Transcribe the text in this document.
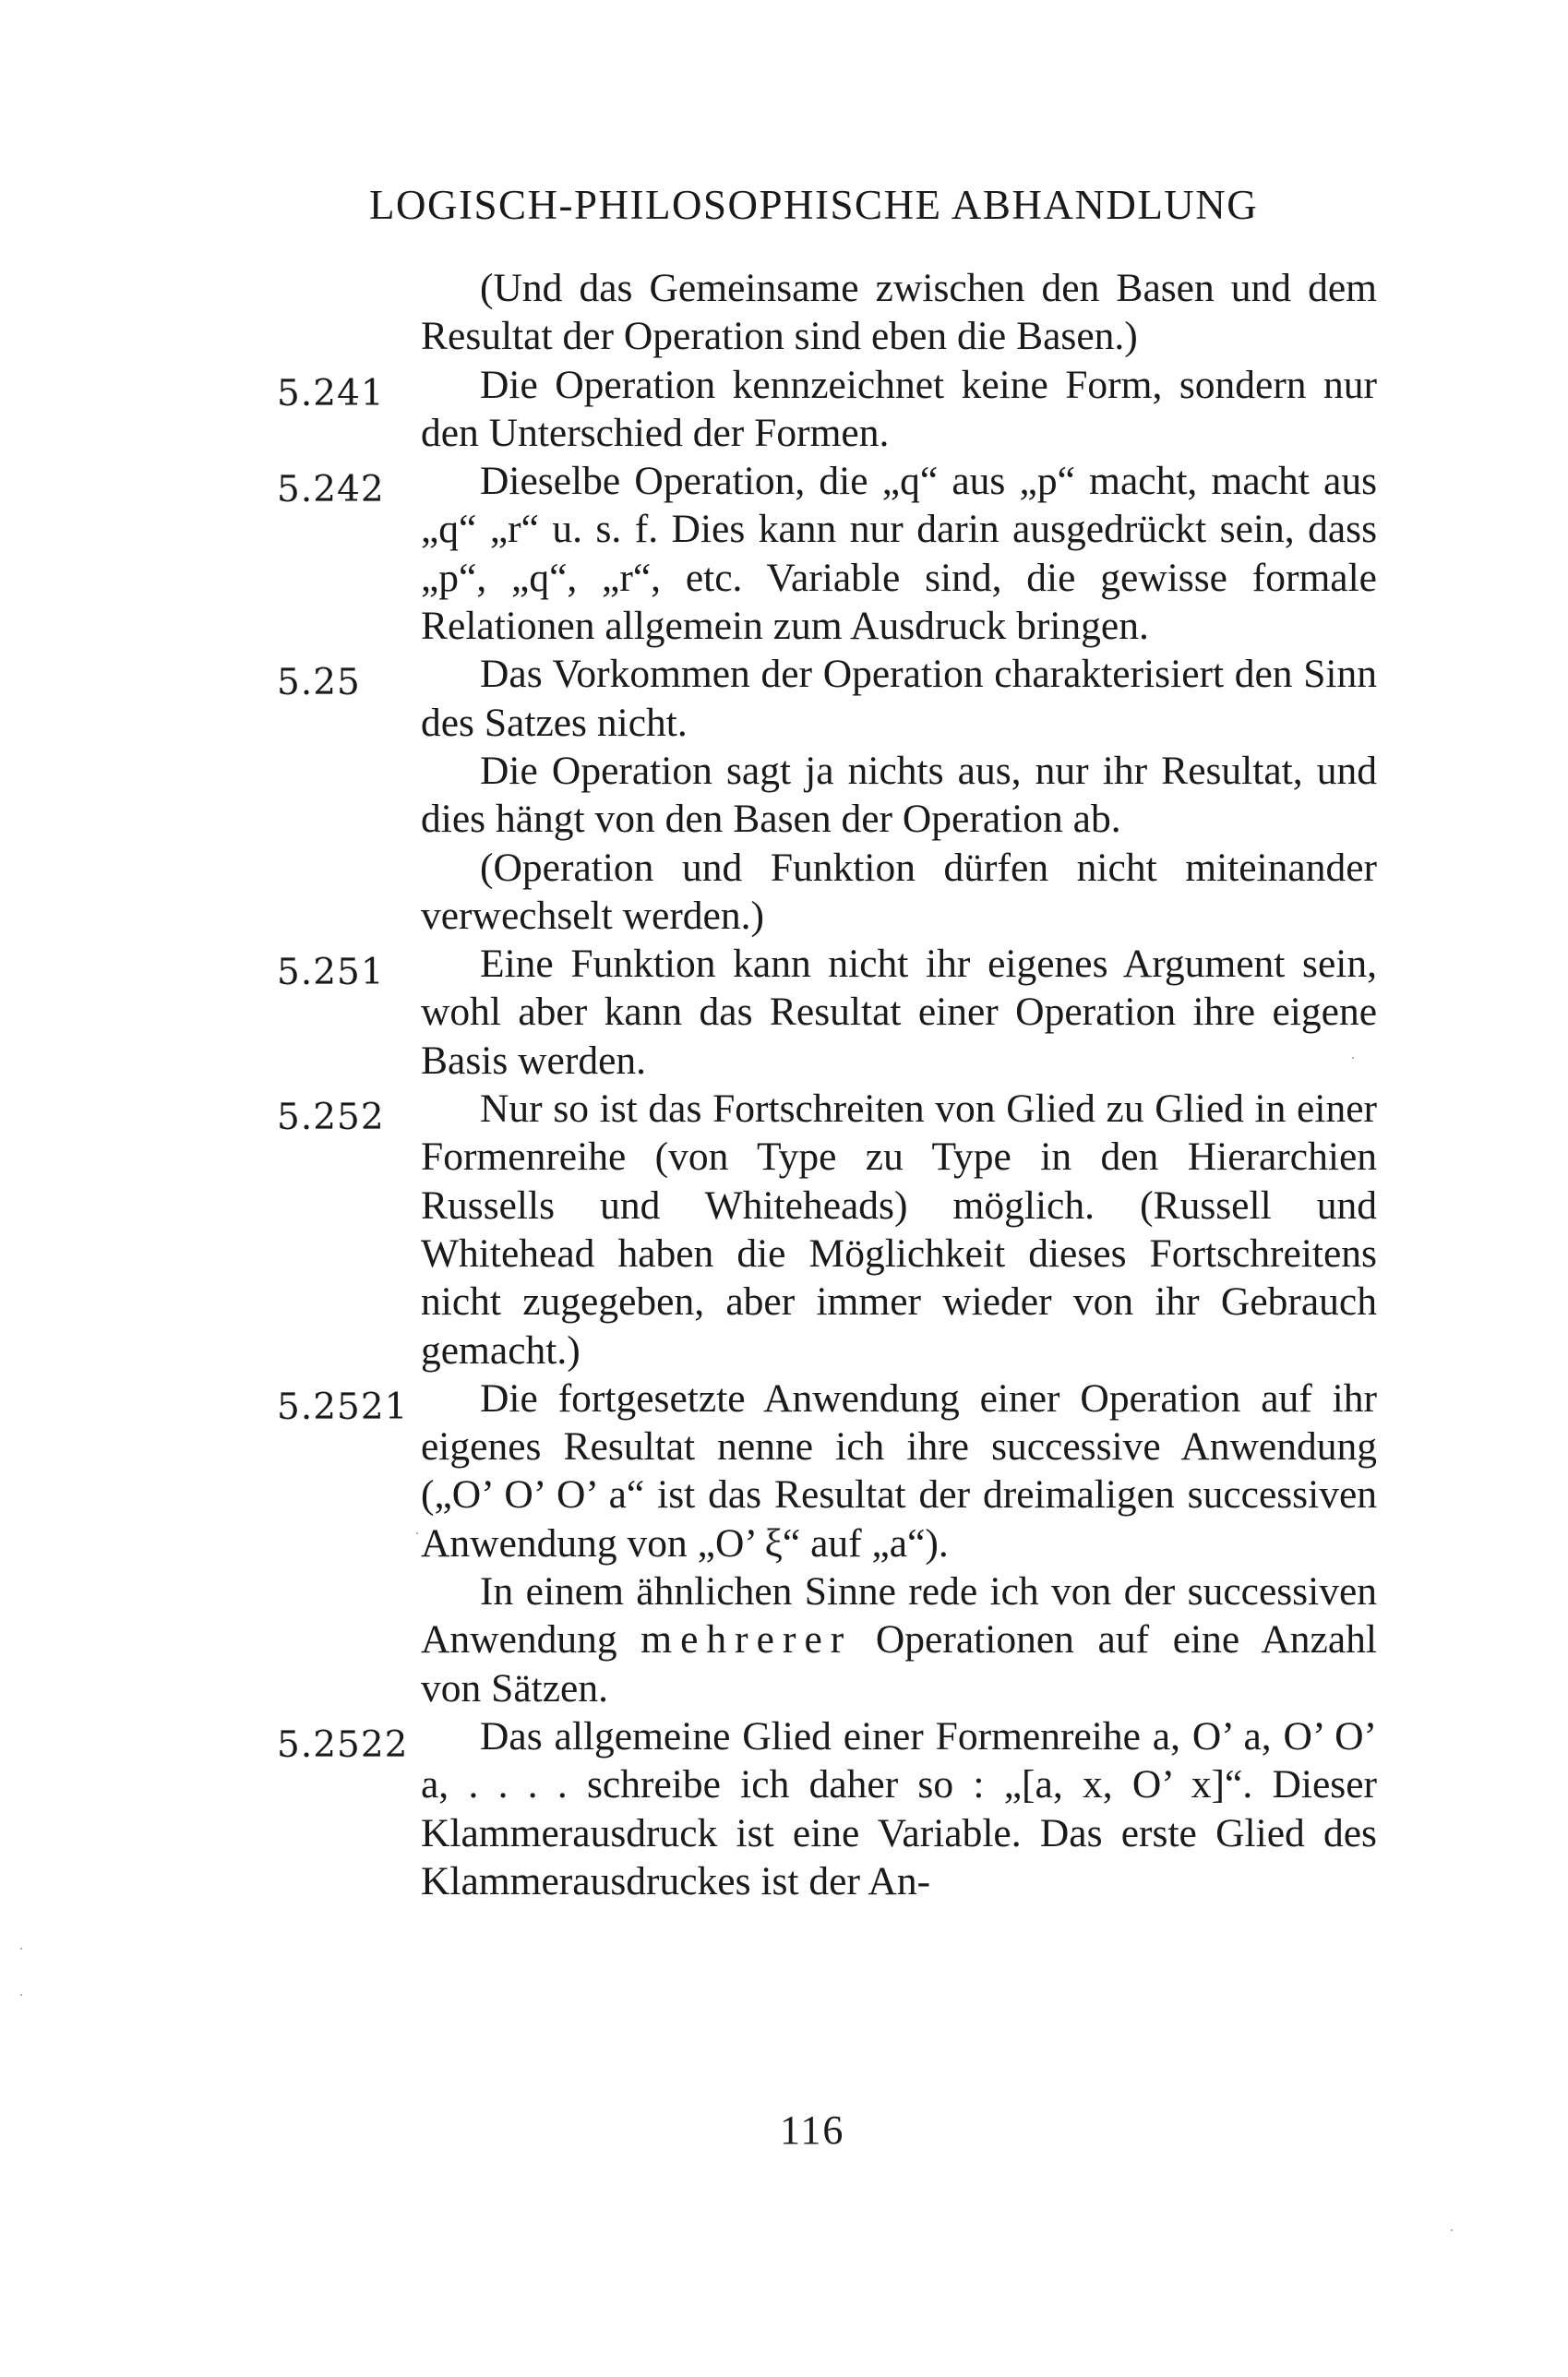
LOGISCH-PHILOSOPHISCHE ABHANDLUNG

(Und das Gemeinsame zwischen den Basen und dem Resultat der Operation sind eben die Basen.)

5.241	Die Operation kennzeichnet keine Form, sondern nur den Unterschied der Formen.

5.242	Dieselbe Operation, die „q“ aus „p“ macht, macht aus „q“ „r“ u. s. f. Dies kann nur darin ausgedrückt sein, dass „p“, „q“, „r“, etc. Variable sind, die gewisse formale Relationen allgemein zum Ausdruck bringen.

5.25	Das Vorkommen der Operation charakterisiert den Sinn des Satzes nicht.

Die Operation sagt ja nichts aus, nur ihr Resultat, und dies hängt von den Basen der Operation ab.

(Operation und Funktion dürfen nicht miteinander verwechselt werden.)

5.251	Eine Funktion kann nicht ihr eigenes Argument sein, wohl aber kann das Resultat einer Operation ihre eigene Basis werden.

5.252	Nur so ist das Fortschreiten von Glied zu Glied in einer Formenreihe (von Type zu Type in den Hierarchien Russells und Whiteheads) möglich. (Russell und Whitehead haben die Möglichkeit dieses Fortschreitens nicht zugegeben, aber immer wieder von ihr Gebrauch gemacht.)

5.2521	Die fortgesetzte Anwendung einer Operation auf ihr eigenes Resultat nenne ich ihre successive Anwendung („O’ O’ O’ a“ ist das Resultat der dreimaligen successiven Anwendung von „O’ ξ“ auf „a“).

In einem ähnlichen Sinne rede ich von der successiven Anwendung mehrerer Operationen auf eine Anzahl von Sätzen.

5.2522	Das allgemeine Glied einer Formenreihe a, O’ a, O’ O’ a, . . . . schreibe ich daher so : „[a, x, O’ x]“. Dieser Klammerausdruck ist eine Variable. Das erste Glied des Klammerausdruckes ist der An-

116
